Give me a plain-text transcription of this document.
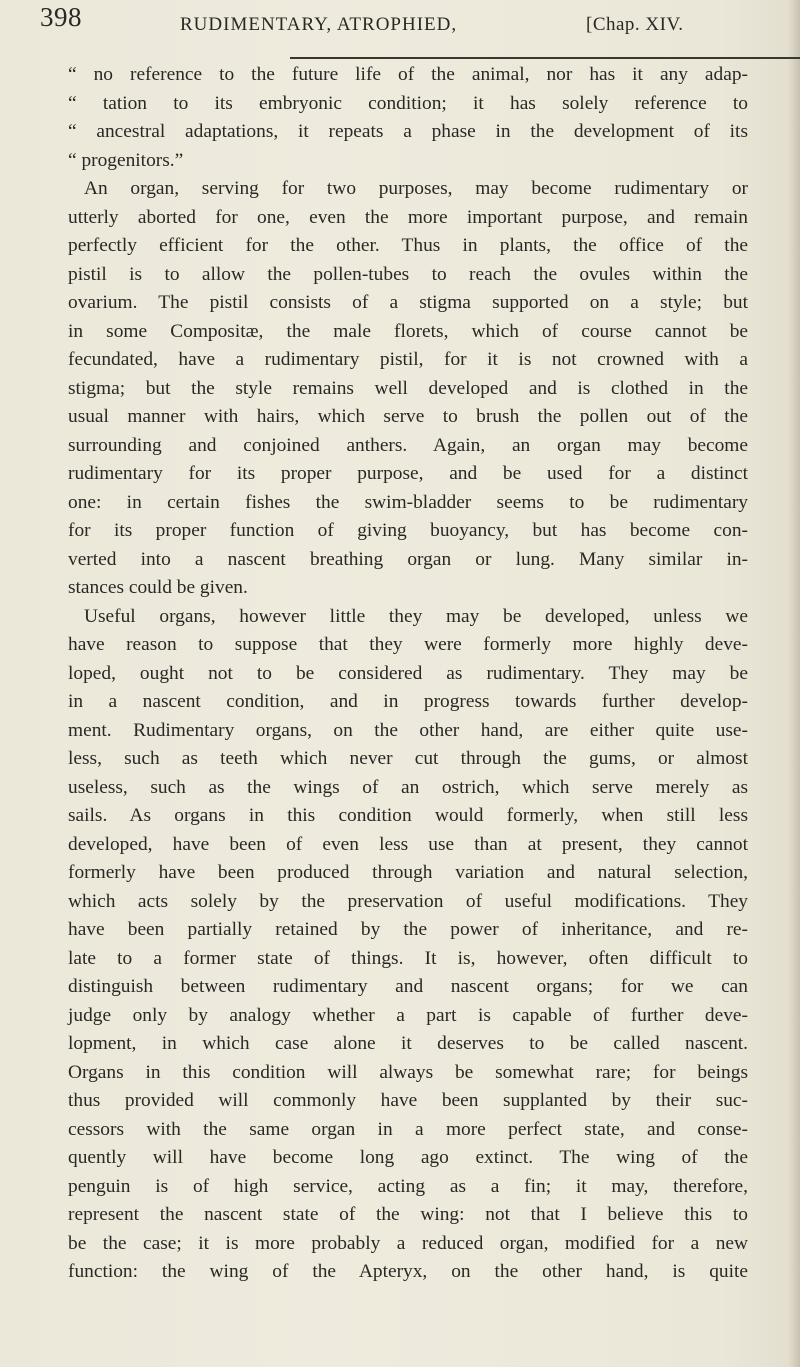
398	RUDIMENTARY, ATROPHIED,	[Chap. XIV.
“ no reference to the future life of the animal, nor has it any adap-
“ tation to its embryonic condition; it has solely reference to
“ ancestral adaptations, it repeats a phase in the development of its
“ progenitors.”
An organ, serving for two purposes, may become rudimentary or
utterly aborted for one, even the more important purpose, and remain
perfectly efficient for the other. Thus in plants, the office of the
pistil is to allow the pollen-tubes to reach the ovules within the
ovarium. The pistil consists of a stigma supported on a style; but
in some Compositæ, the male florets, which of course cannot be
fecundated, have a rudimentary pistil, for it is not crowned with a
stigma; but the style remains well developed and is clothed in the
usual manner with hairs, which serve to brush the pollen out of the
surrounding and conjoined anthers. Again, an organ may become
rudimentary for its proper purpose, and be used for a distinct
one: in certain fishes the swim-bladder seems to be rudimentary
for its proper function of giving buoyancy, but has become con-
verted into a nascent breathing organ or lung. Many similar in-
stances could be given.
Useful organs, however little they may be developed, unless we
have reason to suppose that they were formerly more highly deve-
loped, ought not to be considered as rudimentary. They may be
in a nascent condition, and in progress towards further develop-
ment. Rudimentary organs, on the other hand, are either quite use-
less, such as teeth which never cut through the gums, or almost
useless, such as the wings of an ostrich, which serve merely as
sails. As organs in this condition would formerly, when still less
developed, have been of even less use than at present, they cannot
formerly have been produced through variation and natural selection,
which acts solely by the preservation of useful modifications. They
have been partially retained by the power of inheritance, and re-
late to a former state of things. It is, however, often difficult to
distinguish between rudimentary and nascent organs; for we can
judge only by analogy whether a part is capable of further deve-
lopment, in which case alone it deserves to be called nascent.
Organs in this condition will always be somewhat rare; for beings
thus provided will commonly have been supplanted by their suc-
cessors with the same organ in a more perfect state, and conse-
quently will have become long ago extinct. The wing of the
penguin is of high service, acting as a fin; it may, therefore,
represent the nascent state of the wing: not that I believe this to
be the case; it is more probably a reduced organ, modified for a new
function: the wing of the Apteryx, on the other hand, is quite
